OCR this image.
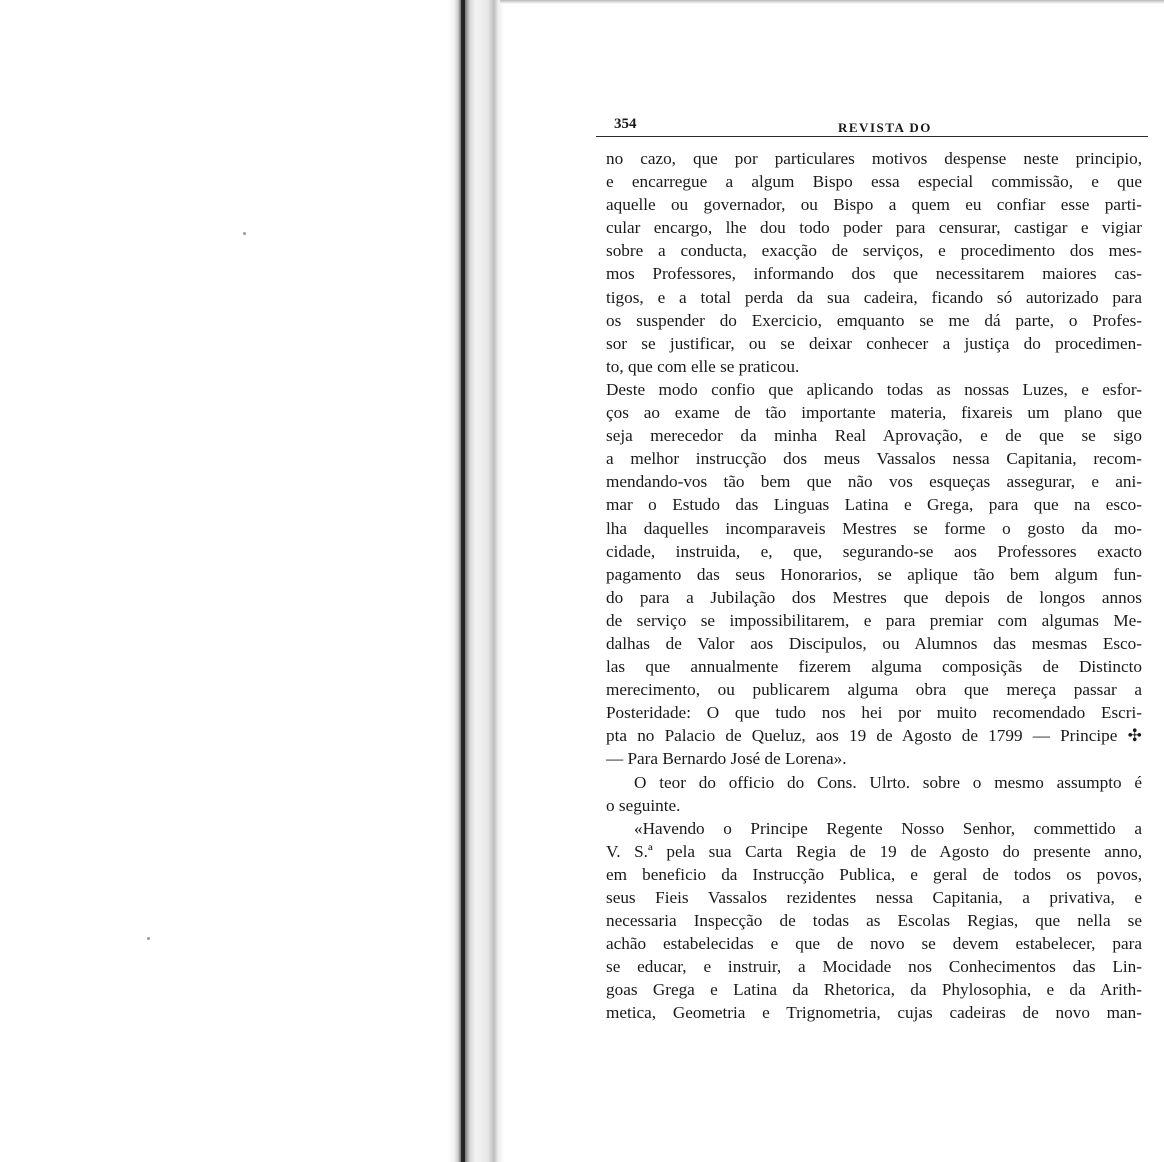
354	REVISTA DO
no cazo, que por particulares motivos despense neste principio,
e encarregue a algum Bispo essa especial commissão, e que
aquelle ou governador, ou Bispo a quem eu confiar esse parti-
cular encargo, lhe dou todo poder para censurar, castigar e vigiar
sobre a conducta, exacção de serviços, e procedimento dos mes-
mos Professores, informando dos que necessitarem maiores cas-
tigos, e a total perda da sua cadeira, ficando só autorizado para
os suspender do Exercicio, emquanto se me dá parte, o Profes-
sor se justificar, ou se deixar conhecer a justiça do procedimen-
to, que com elle se praticou.
Deste modo confio que aplicando todas as nossas Luzes, e esfor-
ços ao exame de tão importante materia, fixareis um plano que
seja merecedor da minha Real Aprovação, e de que se sigo
a melhor instrucção dos meus Vassalos nessa Capitania, recom-
mendando-vos tão bem que não vos esqueças assegurar, e ani-
mar o Estudo das Linguas Latina e Grega, para que na esco-
lha daquelles incomparaveis Mestres se forme o gosto da mo-
cidade, instruida, e, que, segurando-se aos Professores exacto
pagamento das seus Honorarios, se aplique tão bem algum fun-
do para a Jubilação dos Mestres que depois de longos annos
de serviço se impossibilitarem, e para premiar com algumas Me-
dalhas de Valor aos Discipulos, ou Alumnos das mesmas Esco-
las que annualmente fizerem alguma composiçãs de Distincto
merecimento, ou publicarem alguma obra que mereça passar a
Posteridade: O que tudo nos hei por muito recomendado Escri-
pta no Palacio de Queluz, aos 19 de Agosto de 1799 — Principe ✣
— Para Bernardo José de Lorena».
O teor do officio do Cons. Ulrto. sobre o mesmo assumpto é
o seguinte.
«Havendo o Principe Regente Nosso Senhor, commettido a
V. S.ª pela sua Carta Regia de 19 de Agosto do presente anno,
em beneficio da Instrucção Publica, e geral de todos os povos,
seus Fieis Vassalos rezidentes nessa Capitania, a privativa, e
necessaria Inspecção de todas as Escolas Regias, que nella se
achão estabelecidas e que de novo se devem estabelecer, para
se educar, e instruir, a Mocidade nos Conhecimentos das Lin-
goas Grega e Latina da Rhetorica, da Phylosophia, e da Arith-
metica, Geometria e Trignometria, cujas cadeiras de novo man-
